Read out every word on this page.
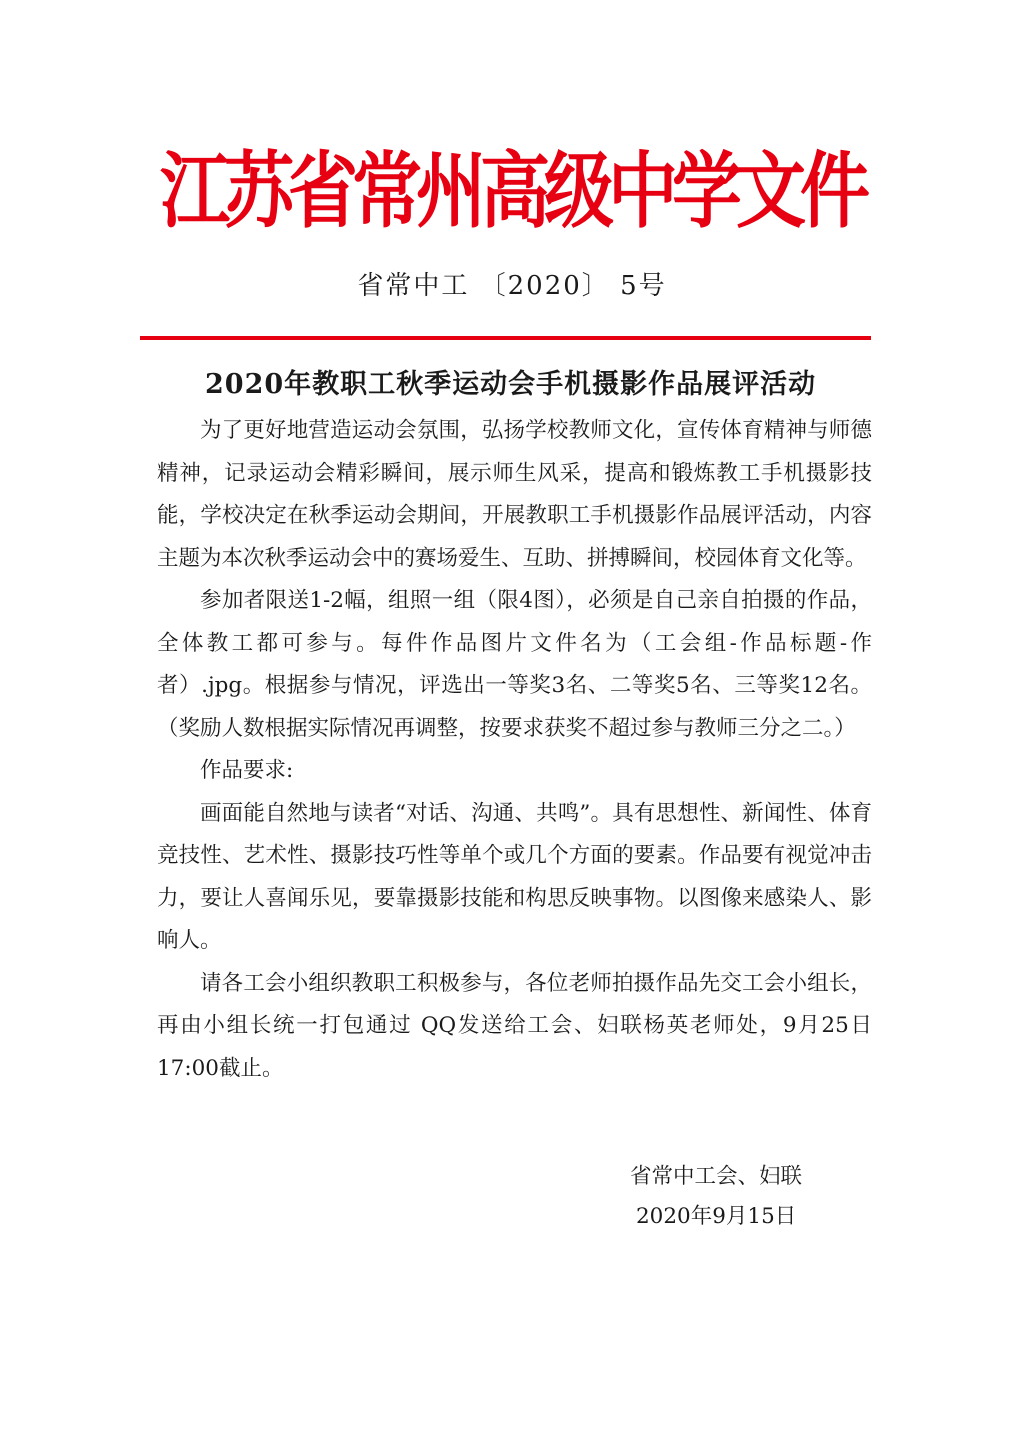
江苏省常州高级中学文件
省常中工 〔2020〕 5号
2020年教职工秋季运动会手机摄影作品展评活动

为了更好地营造运动会氛围，弘扬学校教师文化，宣传体育精神与师德精神，记录运动会精彩瞬间，展示师生风采，提高和锻炼教工手机摄影技能，学校决定在秋季运动会期间，开展教职工手机摄影作品展评活动，内容主题为本次秋季运动会中的赛场爱生、互助、拼搏瞬间，校园体育文化等。

参加者限送1-2幅，组照一组（限4图），必须是自己亲自拍摄的作品，全体教工都可参与。每件作品图片文件名为（工会组-作品标题-作者）.jpg。根据参与情况，评选出一等奖3名、二等奖5名、三等奖12名。（奖励人数根据实际情况再调整，按要求获奖不超过参与教师三分之二。）

作品要求:

画面能自然地与读者“对话、沟通、共鸣”。具有思想性、新闻性、体育竞技性、艺术性、摄影技巧性等单个或几个方面的要素。作品要有视觉冲击力，要让人喜闻乐见，要靠摄影技能和构思反映事物。以图像来感染人、影响人。

请各工会小组织教职工积极参与，各位老师拍摄作品先交工会小组长，再由小组长统一打包通过 QQ发送给工会、妇联杨英老师处，9月25日17:00截止。

省常中工会、妇联
2020年9月15日
